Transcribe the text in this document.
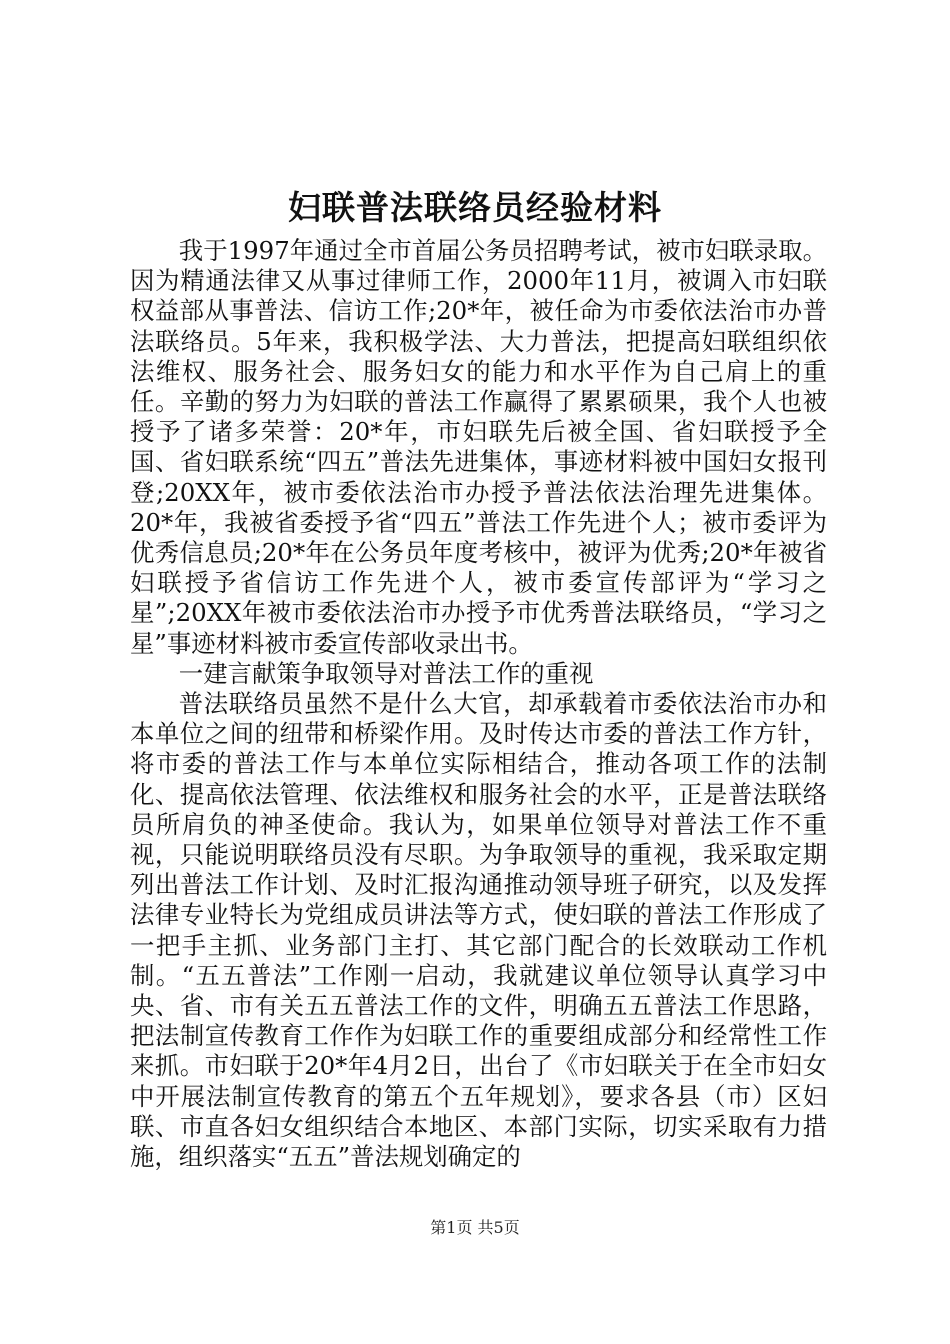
妇联普法联络员经验材料

我于1997年通过全市首届公务员招聘考试，被市妇联录取。因为精通法律又从事过律师工作，2000年11月，被调入市妇联权益部从事普法、信访工作;20*年，被任命为市委依法治市办普法联络员。5年来，我积极学法、大力普法，把提高妇联组织依法维权、服务社会、服务妇女的能力和水平作为自己肩上的重任。辛勤的努力为妇联的普法工作赢得了累累硕果，我个人也被授予了诸多荣誉：20*年，市妇联先后被全国、省妇联授予全国、省妇联系统“四五”普法先进集体，事迹材料被中国妇女报刊登;20XX年，被市委依法治市办授予普法依法治理先进集体。20*年，我被省委授予省“四五”普法工作先进个人；被市委评为优秀信息员;20*年在公务员年度考核中，被评为优秀;20*年被省妇联授予省信访工作先进个人，被市委宣传部评为“学习之星”;20XX年被市委依法治市办授予市优秀普法联络员，“学习之星”事迹材料被市委宣传部收录出书。

一建言献策争取领导对普法工作的重视

普法联络员虽然不是什么大官，却承载着市委依法治市办和本单位之间的纽带和桥梁作用。及时传达市委的普法工作方针，将市委的普法工作与本单位实际相结合，推动各项工作的法制化、提高依法管理、依法维权和服务社会的水平，正是普法联络员所肩负的神圣使命。我认为，如果单位领导对普法工作不重视，只能说明联络员没有尽职。为争取领导的重视，我采取定期列出普法工作计划、及时汇报沟通推动领导班子研究，以及发挥法律专业特长为党组成员讲法等方式，使妇联的普法工作形成了一把手主抓、业务部门主打、其它部门配合的长效联动工作机制。“五五普法”工作刚一启动，我就建议单位领导认真学习中央、省、市有关五五普法工作的文件，明确五五普法工作思路，把法制宣传教育工作作为妇联工作的重要组成部分和经常性工作来抓。市妇联于20*年4月2日，出台了《市妇联关于在全市妇女中开展法制宣传教育的第五个五年规划》，要求各县（市）区妇联、市直各妇女组织结合本地区、本部门实际，切实采取有力措施，组织落实“五五”普法规划确定的

第1页 共5页
